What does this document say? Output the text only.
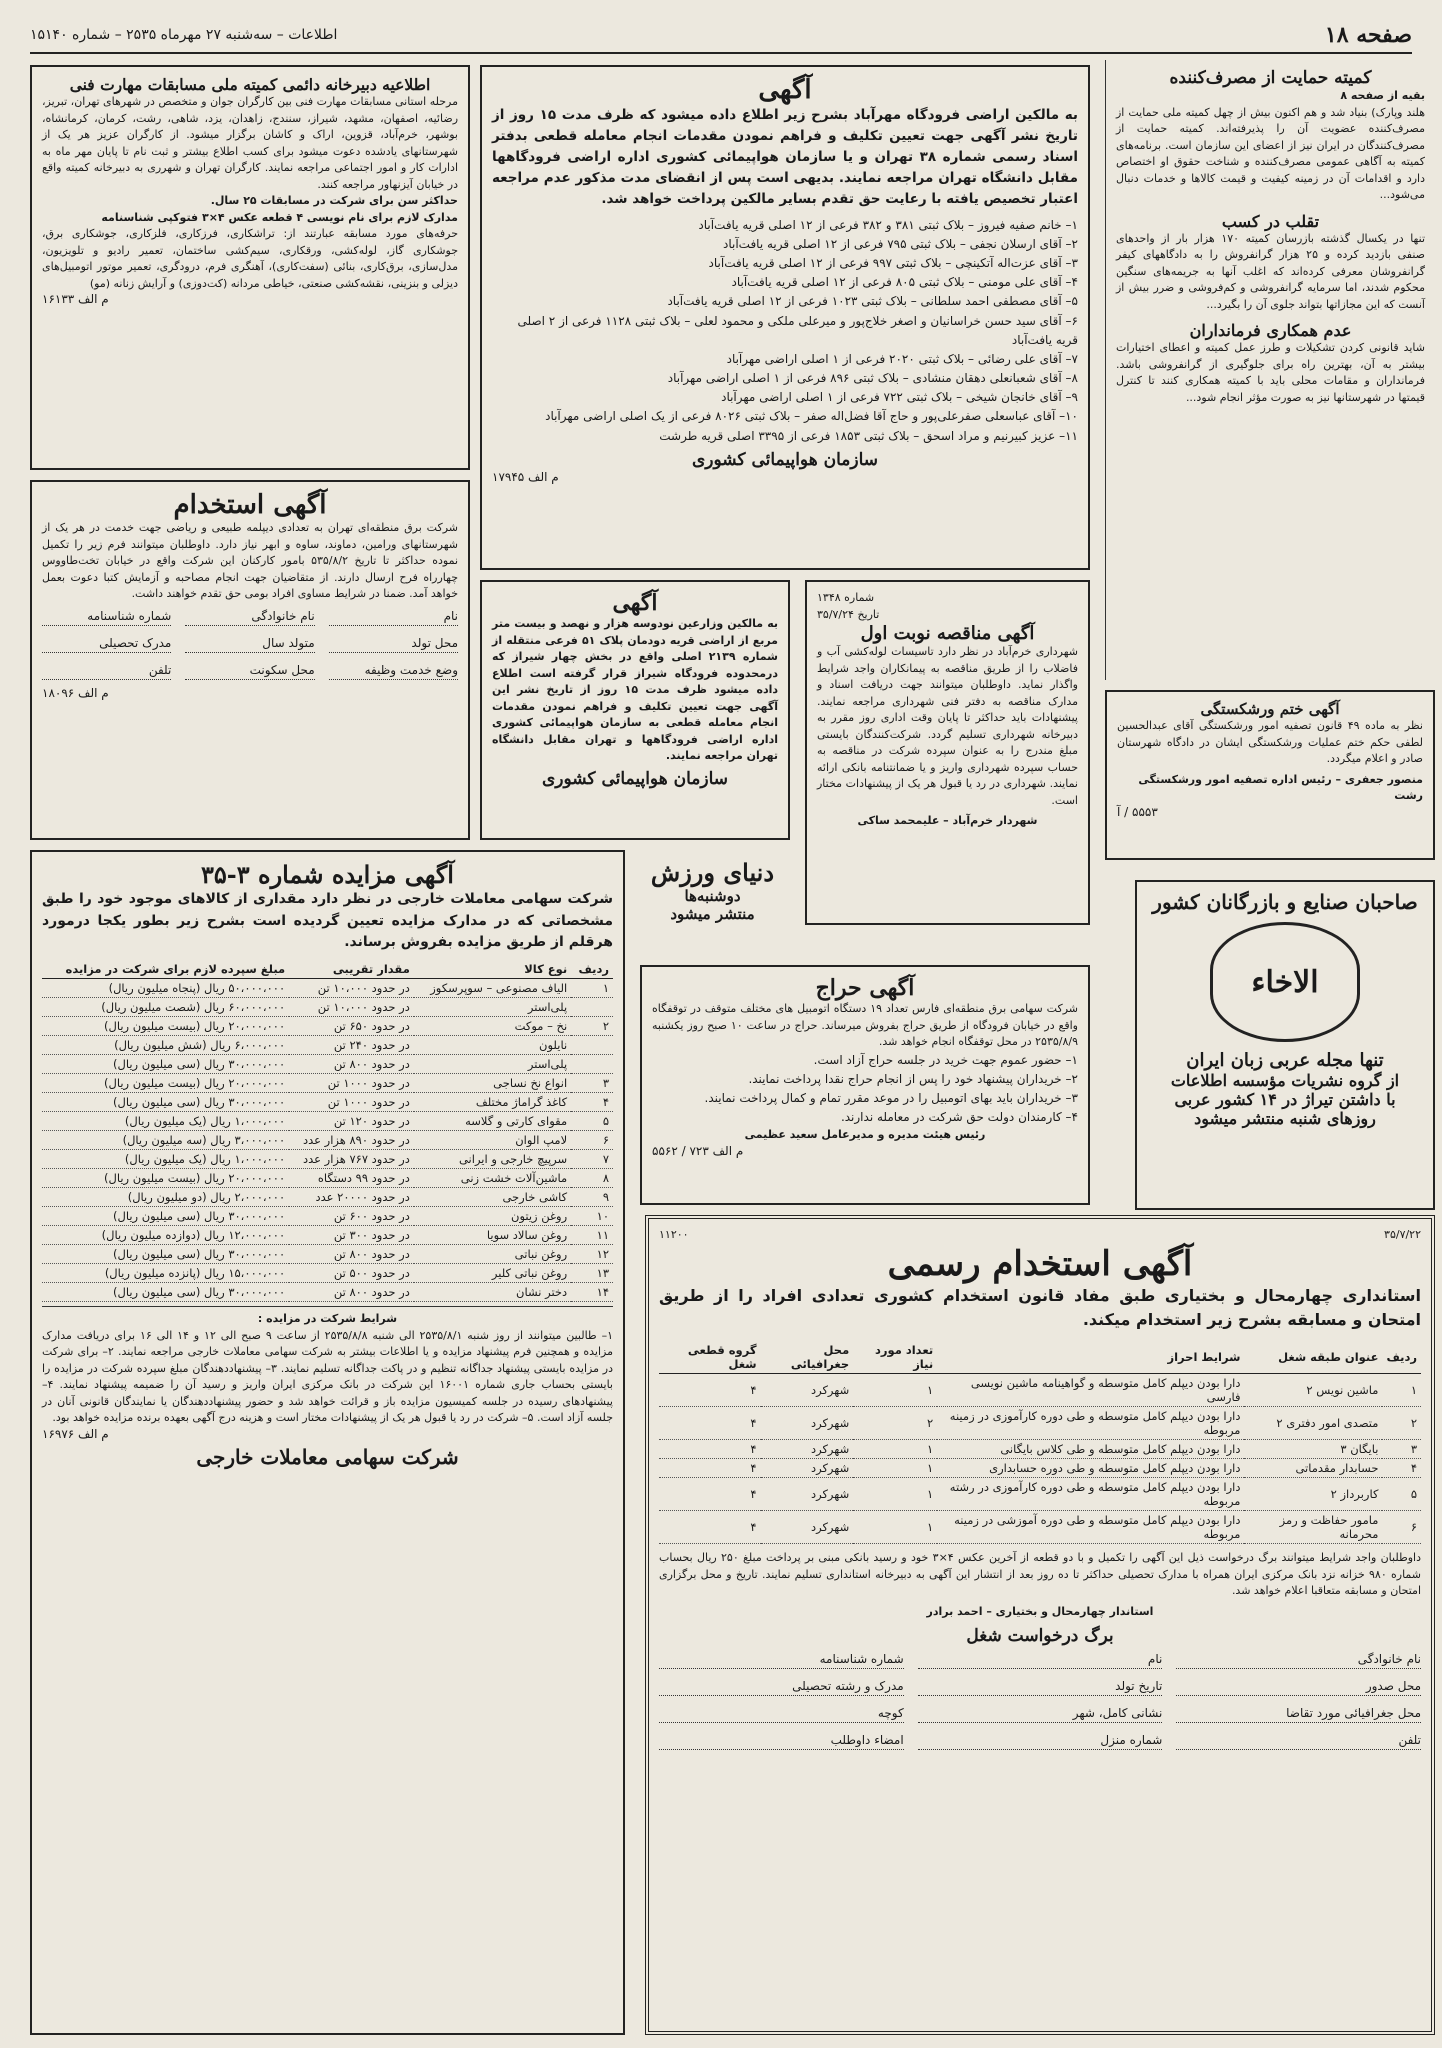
صفحه ۱۸
اطلاعات – سه‌شنبه ۲۷ مهرماه ۲۵۳۵ – شماره ۱۵۱۴۰
کمیته حمایت از مصرف‌کننده
بقیه از صفحه ۸
هلند وپارک) بنیاد شد و هم اکنون بیش از چهل کمیته ملی حمایت از مصرف‌کننده عضویت آن را پذیرفته‌اند. کمیته حمایت از مصرف‌کنندگان در ایران نیز از اعضای این سازمان است. برنامه‌های کمیته به آگاهی عمومی مصرف‌کننده و شناخت حقوق او اختصاص دارد و اقدامات آن در زمینه کیفیت و قیمت کالاها و خدمات دنبال می‌شود...
تقلب در کسب
تنها در یکسال گذشته بازرسان کمیته ۱۷۰ هزار بار از واحدهای صنفی بازدید کرده و ۲۵ هزار گرانفروش را به دادگاههای کیفر گرانفروشان معرفی کرده‌اند که اغلب آنها به جریمه‌های سنگین محکوم شدند، اما سرمایه گرانفروشی و کم‌فروشی و ضرر بیش از آنست که این مجازاتها بتواند جلوی آن را بگیرد...
عدم همکاری فرمانداران
شاید قانونی کردن تشکیلات و طرز عمل کمیته و اعطای اختیارات بیشتر به آن، بهترین راه برای جلوگیری از گرانفروشی باشد. فرمانداران و مقامات محلی باید با کمیته همکاری کنند تا کنترل قیمتها در شهرستانها نیز به صورت مؤثر انجام شود...
آگهی ختم ورشکستگی
نظر به ماده ۴۹ قانون تصفیه امور ورشکستگی آقای عبدالحسین لطفی حکم ختم عملیات ورشکستگی ایشان در دادگاه شهرستان صادر و اعلام میگردد.
منصور جعفری – رئیس اداره تصفیه امور ورشکستگی رشت
۵۵۵۳ / آ
صاحبان صنایع و بازرگانان کشور
الاخاء
تنها مجله عربی زبان ایران
از گروه نشریات مؤسسه اطلاعات
با داشتن تیراژ در ۱۴ کشور عربی
روزهای شنبه منتشر میشود
آگهی
به مالکین اراضی فرودگاه مهرآباد بشرح زیر اطلاع داده میشود که ظرف مدت ۱۵ روز از تاریخ نشر آگهی جهت تعیین تکلیف و فراهم نمودن مقدمات انجام معامله قطعی بدفتر اسناد رسمی شماره ۳۸ تهران و یا سازمان هواپیمائی کشوری اداره اراضی فرودگاهها مقابل دانشگاه تهران مراجعه نمایند. بدیهی است پس از انقضای مدت مذکور عدم مراجعه اعتبار تخصیص یافته با رعایت حق تقدم بسایر مالکین پرداخت خواهد شد.
۱– خانم صفیه فیروز – بلاک ثبتی ۳۸۱ و ۳۸۲ فرعی از ۱۲ اصلی قریه یافت‌آباد
۲– آقای ارسلان نجفی – بلاک ثبتی ۷۹۵ فرعی از ۱۲ اصلی قریه یافت‌آباد
۳– آقای عزت‌اله آتکینچی – بلاک ثبتی ۹۹۷ فرعی از ۱۲ اصلی قریه یافت‌آباد
۴– آقای علی مومنی – بلاک ثبتی ۸۰۵ فرعی از ۱۲ اصلی قریه یافت‌آباد
۵– آقای مصطفی احمد سلطانی – بلاک ثبتی ۱۰۲۳ فرعی از ۱۲ اصلی قریه یافت‌آباد
۶– آقای سید حسن خراسانیان و اصغر خلاج‌پور و میرعلی ملکی و محمود لعلی – بلاک ثبتی ۱۱۲۸ فرعی از ۲ اصلی قریه یافت‌آباد
۷– آقای علی رضائی – بلاک ثبتی ۲۰۲۰ فرعی از ۱ اصلی اراضی مهرآباد
۸– آقای شعبانعلی دهقان منشادی – بلاک ثبتی ۸۹۶ فرعی از ۱ اصلی اراضی مهرآباد
۹– آقای خانجان شیخی – بلاک ثبتی ۷۲۲ فرعی از ۱ اصلی اراضی مهرآباد
۱۰– آقای عباسعلی صفرعلی‌پور و حاج آقا فضل‌اله صفر – بلاک ثبتی ۸۰۲۶ فرعی از یک اصلی اراضی مهرآباد
۱۱– عزیز کبیرنیم و مراد اسحق – بلاک ثبتی ۱۸۵۳ فرعی از ۳۳۹۵ اصلی قریه طرشت
سازمان هواپیمائی کشوری
م الف ۱۷۹۴۵
اطلاعیه دبیرخانه دائمی کمیته ملی مسابقات مهارت فنی
مرحله استانی مسابقات مهارت فنی بین کارگران جوان و متخصص در شهرهای تهران، تبریز، رضائیه، اصفهان، مشهد، شیراز، سنندج، زاهدان، یزد، شاهی، رشت، کرمان، کرمانشاه، بوشهر، خرم‌آباد، قزوین، اراک و کاشان برگزار میشود. از کارگران عزیز هر یک از شهرستانهای یادشده دعوت میشود برای کسب اطلاع بیشتر و ثبت نام تا پایان مهر ماه به ادارات کار و امور اجتماعی مراجعه نمایند. کارگران تهران و شهرری به دبیرخانه کمیته واقع در خیابان آیزنهاور مراجعه کنند.
حداکثر سن برای شرکت در مسابقات ۲۵ سال.
مدارک لازم برای نام نویسی ۴ قطعه عکس ۴×۳ فتوکپی شناسنامه
حرفه‌های مورد مسابقه عبارتند از: تراشکاری، فرزکاری، فلزکاری، جوشکاری برق، جوشکاری گاز، لوله‌کشی، ورقکاری، سیم‌کشی ساختمان، تعمیر رادیو و تلویزیون، مدل‌سازی، برق‌کاری، بنائی (سفت‌کاری)، آهنگری فرم، درودگری، تعمیر موتور اتومبیل‌های دیزلی و بنزینی، نقشه‌کشی صنعتی، خیاطی مردانه (کت‌دوزی) و آرایش زنانه (مو)
م الف ۱۶۱۳۳
آگهی استخدام
شرکت برق منطقه‌ای تهران به تعدادی دیپلمه طبیعی و ریاضی جهت خدمت در هر یک از شهرستانهای ورامین، دماوند، ساوه و ابهر نیاز دارد. داوطلبان میتوانند فرم زیر را تکمیل نموده حداکثر تا تاریخ ۵۳۵/۸/۲ بامور کارکنان این شرکت واقع در خیابان تخت‌طاووس چهارراه فرح ارسال دارند. از متقاضیان جهت انجام مصاحبه و آزمایش کتبا دعوت بعمل خواهد آمد. ضمنا در شرایط مساوی افراد بومی حق تقدم خواهند داشت.
نام
نام خانوادگی
شماره شناسنامه
محل تولد
متولد سال
مدرک تحصیلی
وضع خدمت وظیفه
محل سکونت
تلفن
م الف ۱۸۰۹۶
آگهی
به مالکین وزارعین نودوسه هزار و نهصد و بیست متر مربع از اراضی قریه دودمان پلاک ۵۱ فرعی منتقله از شماره ۲۱۳۹ اصلی واقع در بخش چهار شیراز که درمحدوده فرودگاه شیراز قرار گرفته است اطلاع داده میشود ظرف مدت ۱۵ روز از تاریخ نشر این آگهی جهت تعیین تکلیف و فراهم نمودن مقدمات انجام معامله قطعی به سازمان هواپیمائی کشوری اداره اراضی فرودگاهها و تهران مقابل دانشگاه تهران مراجعه نمایند.
سازمان هواپیمائی کشوری
شماره ۱۳۴۸
تاریخ ۳۵/۷/۲۴
آگهی مناقصه نوبت اول
شهرداری خرم‌آباد در نظر دارد تاسیسات لوله‌کشی آب و فاضلاب را از طریق مناقصه به پیمانکاران واجد شرایط واگذار نماید. داوطلبان میتوانند جهت دریافت اسناد و مدارک مناقصه به دفتر فنی شهرداری مراجعه نمایند. پیشنهادات باید حداکثر تا پایان وقت اداری روز مقرر به دبیرخانه شهرداری تسلیم گردد. شرکت‌کنندگان بایستی مبلغ مندرج را به عنوان سپرده شرکت در مناقصه به حساب سپرده شهرداری واریز و یا ضمانتنامه بانکی ارائه نمایند. شهرداری در رد یا قبول هر یک از پیشنهادات مختار است.
شهردار خرم‌آباد – علیمحمد ساکی
دنیای ورزش
دوشنبه‌ها
منتشر میشود
آگهی حراج
شرکت سهامی برق منطقه‌ای فارس تعداد ۱۹ دستگاه اتومبیل های مختلف متوقف در توقفگاه واقع در خیابان فرودگاه از طریق حراج بفروش میرساند. حراج در ساعت ۱۰ صبح روز یکشنبه ۲۵۳۵/۸/۹ در محل توقفگاه انجام خواهد شد.
۱– حضور عموم جهت خرید در جلسه حراج آزاد است.
۲– خریداران پیشنهاد خود را پس از انجام حراج نقدا پرداخت نمایند.
۳– خریداران باید بهای اتومبیل را در موعد مقرر تمام و کمال پرداخت نمایند.
۴– کارمندان دولت حق شرکت در معامله ندارند.
رئیس هیئت مدیره و مدیرعامل سعید عظیمی
م الف ۷۲۳ / ۵۵۶۲
آگهی مزایده شماره ۳-۳۵
شرکت سهامی معاملات خارجی در نظر دارد مقداری از کالاهای موجود خود را طبق مشخصاتی که در مدارک مزایده تعیین گردیده است بشرح زیر بطور یکجا درمورد هرقلم از طریق مزایده بفروش برساند.
ردیف	نوع کالا	مقدار تقریبی	مبلغ سپرده لازم برای شرکت در مزایده
۱	الیاف مصنوعی – سوپرسکوز	در حدود ۱۰،۰۰۰ تن	۵۰،۰۰۰،۰۰۰ ریال (پنجاه میلیون ریال)
	پلی‌استر	در حدود ۱۰،۰۰۰ تن	۶۰،۰۰۰،۰۰۰ ریال (شصت میلیون ریال)
۲	نخ – موکت	در حدود ۶۵۰ تن	۲۰،۰۰۰،۰۰۰ ریال (بیست میلیون ریال)
	نایلون	در حدود ۲۴۰ تن	۶،۰۰۰،۰۰۰ ریال (شش میلیون ریال)
	پلی‌استر	در حدود ۸۰۰ تن	۳۰،۰۰۰،۰۰۰ ریال (سی میلیون ریال)
۳	انواع نخ نساجی	در حدود ۱۰۰۰ تن	۲۰،۰۰۰،۰۰۰ ریال (بیست میلیون ریال)
۴	کاغذ گراماژ مختلف	در حدود ۱۰۰۰ تن	۳۰،۰۰۰،۰۰۰ ریال (سی میلیون ریال)
۵	مقوای کارتی و گلاسه	در حدود ۱۲۰ تن	۱،۰۰۰،۰۰۰ ریال (یک میلیون ریال)
۶	لامپ الوان	در حدود ۸۹۰ هزار عدد	۳،۰۰۰،۰۰۰ ریال (سه میلیون ریال)
۷	سرپیچ خارجی و ایرانی	در حدود ۷۶۷ هزار عدد	۱،۰۰۰،۰۰۰ ریال (یک میلیون ریال)
۸	ماشین‌آلات خشت زنی	در حدود ۹۹ دستگاه	۲۰،۰۰۰،۰۰۰ ریال (بیست میلیون ریال)
۹	کاشی خارجی	در حدود ۲۰۰۰۰ عدد	۲،۰۰۰،۰۰۰ ریال (دو میلیون ریال)
۱۰	روغن زیتون	در حدود ۶۰۰ تن	۳۰،۰۰۰،۰۰۰ ریال (سی میلیون ریال)
۱۱	روغن سالاد سویا	در حدود ۳۰۰ تن	۱۲،۰۰۰،۰۰۰ ریال (دوازده میلیون ریال)
۱۲	روغن نباتی	در حدود ۸۰۰ تن	۳۰،۰۰۰،۰۰۰ ریال (سی میلیون ریال)
۱۳	روغن نباتی کلیر	در حدود ۵۰۰ تن	۱۵،۰۰۰،۰۰۰ ریال (پانزده میلیون ریال)
۱۴	دختر نشان	در حدود ۸۰۰ تن	۳۰،۰۰۰،۰۰۰ ریال (سی میلیون ریال)
شرایط شرکت در مزایده :
۱– طالبین میتوانند از روز شنبه ۲۵۳۵/۸/۱ الی شنبه ۲۵۳۵/۸/۸ از ساعت ۹ صبح الی ۱۲ و ۱۴ الی ۱۶ برای دریافت مدارک مزایده و همچنین فرم پیشنهاد مزایده و یا اطلاعات بیشتر به شرکت سهامی معاملات خارجی مراجعه نمایند. ۲– برای شرکت در مزایده بایستی پیشنهاد جداگانه تنظیم و در پاکت جداگانه تسلیم نمایند. ۳– پیشنهاددهندگان مبلغ سپرده شرکت در مزایده را بایستی بحساب جاری شماره ۱۶۰۰۱ این شرکت در بانک مرکزی ایران واریز و رسید آن را ضمیمه پیشنهاد نمایند. ۴– پیشنهادهای رسیده در جلسه کمیسیون مزایده باز و قرائت خواهد شد و حضور پیشنهاددهندگان یا نمایندگان قانونی آنان در جلسه آزاد است. ۵– شرکت در رد یا قبول هر یک از پیشنهادات مختار است و هزینه درج آگهی بعهده برنده مزایده خواهد بود.
م الف ۱۶۹۷۶
شرکت سهامی معاملات خارجی
۳۵/۷/۲۲
۱۱۲۰۰
آگهی استخدام رسمی
استانداری چهارمحال و بختیاری طبق مفاد قانون استخدام کشوری تعدادی افراد را از طریق امتحان و مسابقه بشرح زیر استخدام میکند.
ردیف	عنوان طبقه شغل	شرایط احراز	تعداد مورد نیاز	محل جغرافیائی	گروه قطعی شغل
۱	ماشین نویس ۲	دارا بودن دیپلم کامل متوسطه و گواهینامه ماشین نویسی فارسی	۱	شهرکرد	۴
۲	متصدی امور دفتری ۲	دارا بودن دیپلم کامل متوسطه و طی دوره کارآموزی در زمینه مربوطه	۲	شهرکرد	۴
۳	بایگان ۳	دارا بودن دیپلم کامل متوسطه و طی کلاس بایگانی	۱	شهرکرد	۴
۴	حسابدار مقدماتی	دارا بودن دیپلم کامل متوسطه و طی دوره حسابداری	۱	شهرکرد	۴
۵	کاربرداز ۲	دارا بودن دیپلم کامل متوسطه و طی دوره کارآموزی در رشته مربوطه	۱	شهرکرد	۴
۶	مامور حفاظت و رمز محرمانه	دارا بودن دیپلم کامل متوسطه و طی دوره آموزشی در زمینه مربوطه	۱	شهرکرد	۴
داوطلبان واجد شرایط میتوانند برگ درخواست ذیل این آگهی را تکمیل و با دو قطعه از آخرین عکس ۴×۳ خود و رسید بانکی مبنی بر پرداخت مبلغ ۲۵۰ ریال بحساب شماره ۹۸۰ خزانه نزد بانک مرکزی ایران همراه با مدارک تحصیلی حداکثر تا ده روز بعد از انتشار این آگهی به دبیرخانه استانداری تسلیم نمایند. تاریخ و محل برگزاری امتحان و مسابقه متعاقبا اعلام خواهد شد.
استاندار چهارمحال و بختیاری – احمد برادر
برگ درخواست شغل
نام خانوادگی
نام
شماره شناسنامه
محل صدور
تاریخ تولد
مدرک و رشته تحصیلی
محل جغرافیائی مورد تقاضا
نشانی کامل، شهر
کوچه
تلفن
شماره منزل
امضاء داوطلب
